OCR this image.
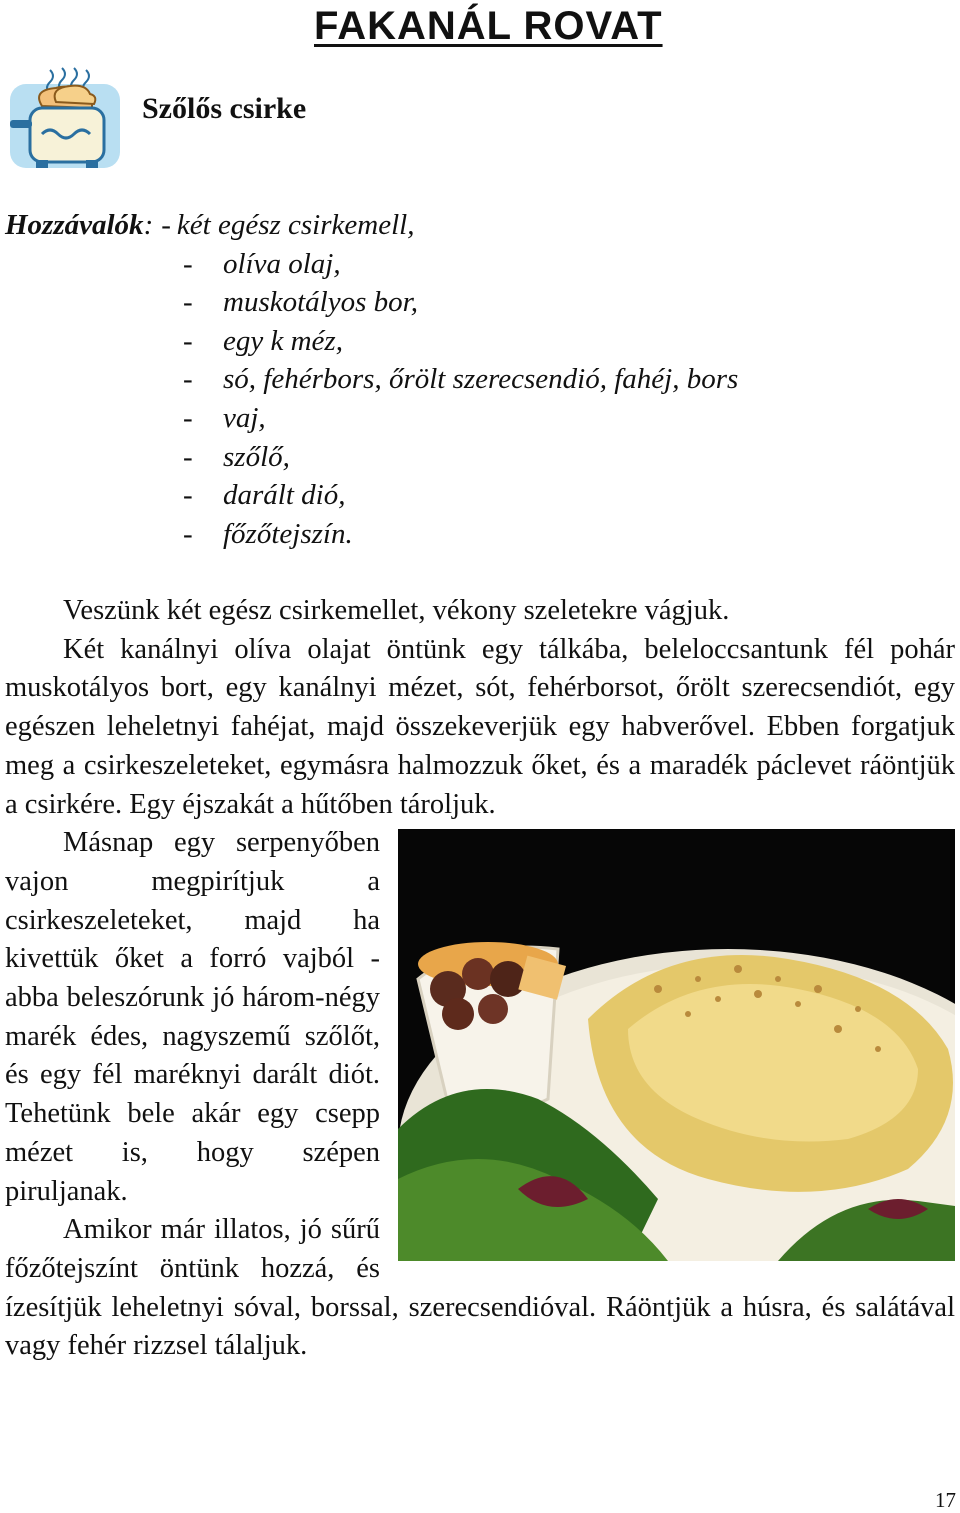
FAKANÁL ROVAT
Szőlős csirke
Hozzávalók : - két egész csirkemell,
-	olíva olaj,
-	muskotályos bor,
-	egy k méz,
-	só, fehérbors, őrölt szerecsendió, fahéj, bors
-	vaj,
-	szőlő,
-	darált dió,
-	főzőtejszín.

Veszünk két egész csirkemellet, vékony szeletekre vágjuk.

Két kanálnyi olíva olajat öntünk egy tálkába, beleloccsantunk fél pohár muskotályos bort, egy kanálnyi mézet, sót, fehérborsot, őrölt szerecsendiót, egy egészen leheletnyi fahéjat, majd összekeverjük egy habverővel. Ebben forgatjuk meg a csirkeszeleteket, egymásra halmozzuk őket, és a maradék páclevet ráöntjük a csirkére. Egy éjszakát a hűtőben tároljuk.

Másnap egy serpenyőben vajon megpirítjuk a csirkeszeleteket, majd ha kivettük őket a forró vajból - abba beleszórunk jó három-négy marék édes, nagyszemű szőlőt, és egy fél maréknyi darált diót. Tehetünk bele akár egy csepp mézet is, hogy szépen piruljanak.

Amikor már illatos, jó sűrű főzőtejszínt öntünk hozzá, és ízesítjük leheletnyi sóval, borssal, szerecsendióval. Ráöntjük a húsra, és salátával vagy fehér rizzsel tálaljuk.

17
